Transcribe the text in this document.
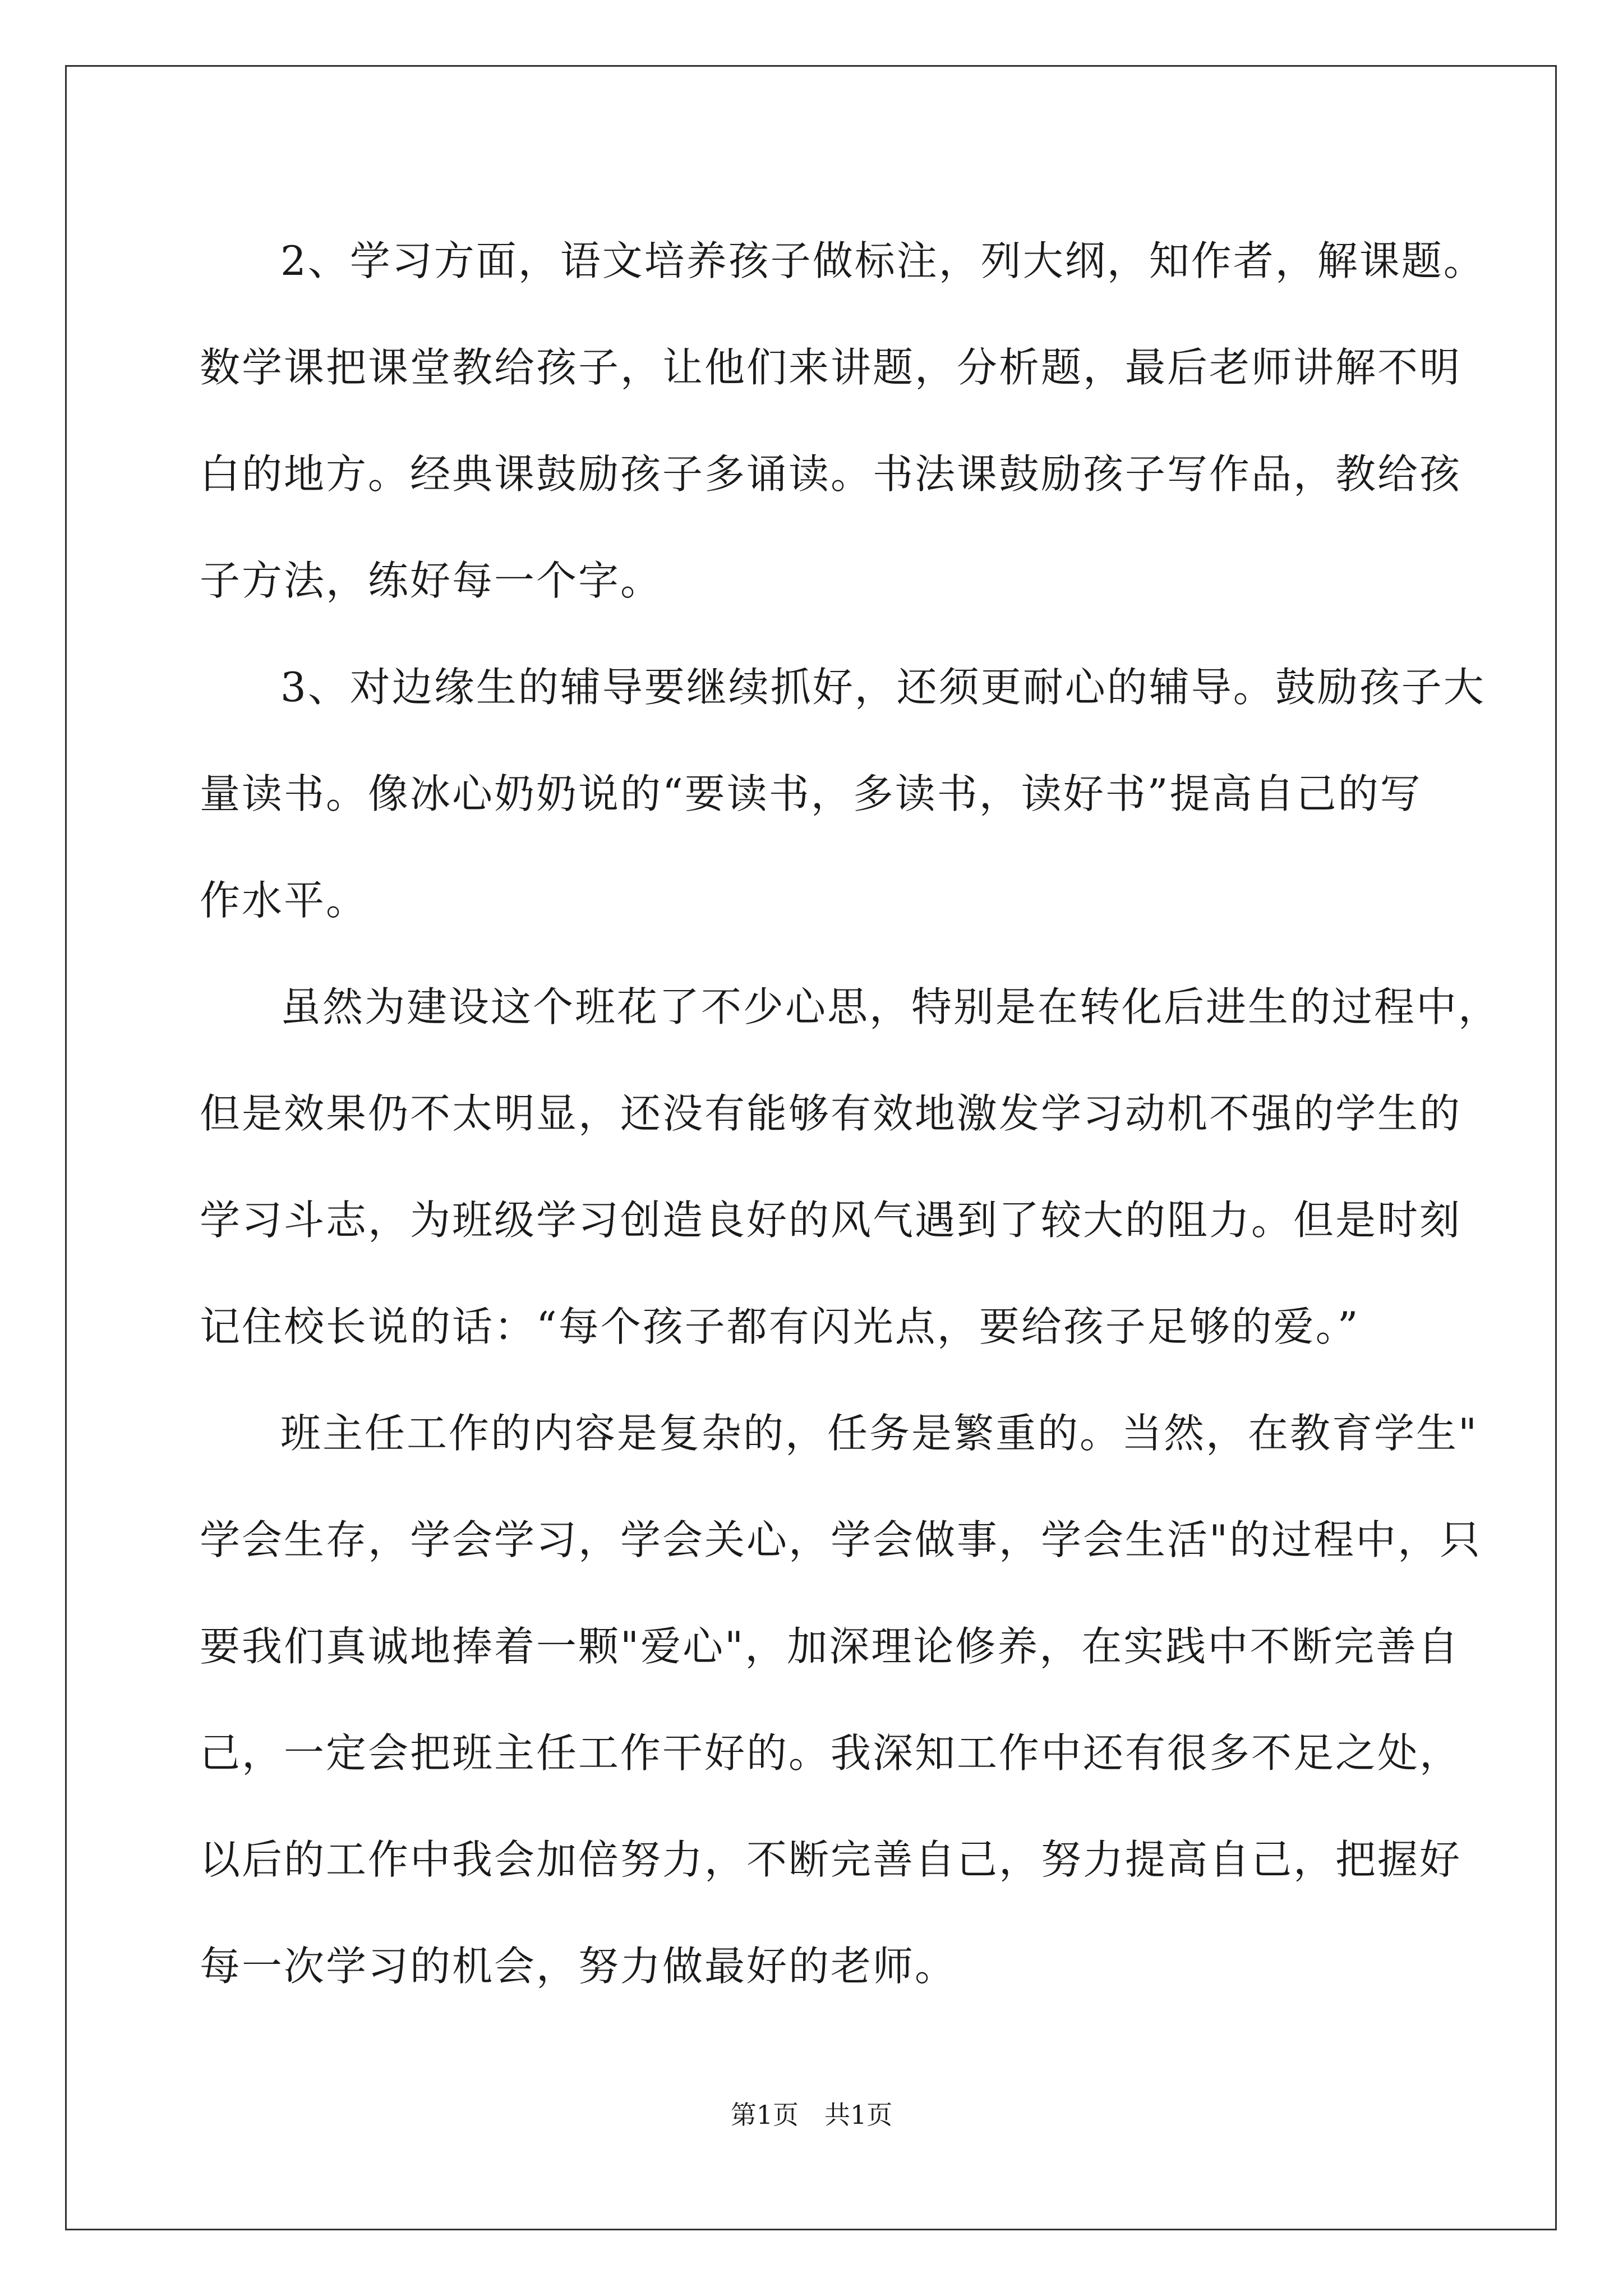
2、学习方面，语文培养孩子做标注，列大纲，知作者，解课题。
数学课把课堂教给孩子，让他们来讲题，分析题，最后老师讲解不明
白的地方。经典课鼓励孩子多诵读。书法课鼓励孩子写作品，教给孩
子方法，练好每一个字。
3、对边缘生的辅导要继续抓好，还须更耐心的辅导。鼓励孩子大
量读书。像冰心奶奶说的“要读书，多读书，读好书”提高自己的写
作水平。
虽然为建设这个班花了不少心思，特别是在转化后进生的过程中，
但是效果仍不太明显，还没有能够有效地激发学习动机不强的学生的
学习斗志，为班级学习创造良好的风气遇到了较大的阻力。但是时刻
记住校长说的话：“每个孩子都有闪光点，要给孩子足够的爱。”
班主任工作的内容是复杂的，任务是繁重的。当然，在教育学生"
学会生存，学会学习，学会关心，学会做事，学会生活"的过程中，只
要我们真诚地捧着一颗"爱心"，加深理论修养，在实践中不断完善自
己，一定会把班主任工作干好的。我深知工作中还有很多不足之处，
以后的工作中我会加倍努力，不断完善自己，努力提高自己，把握好
每一次学习的机会，努力做最好的老师。
第1页 共1页
